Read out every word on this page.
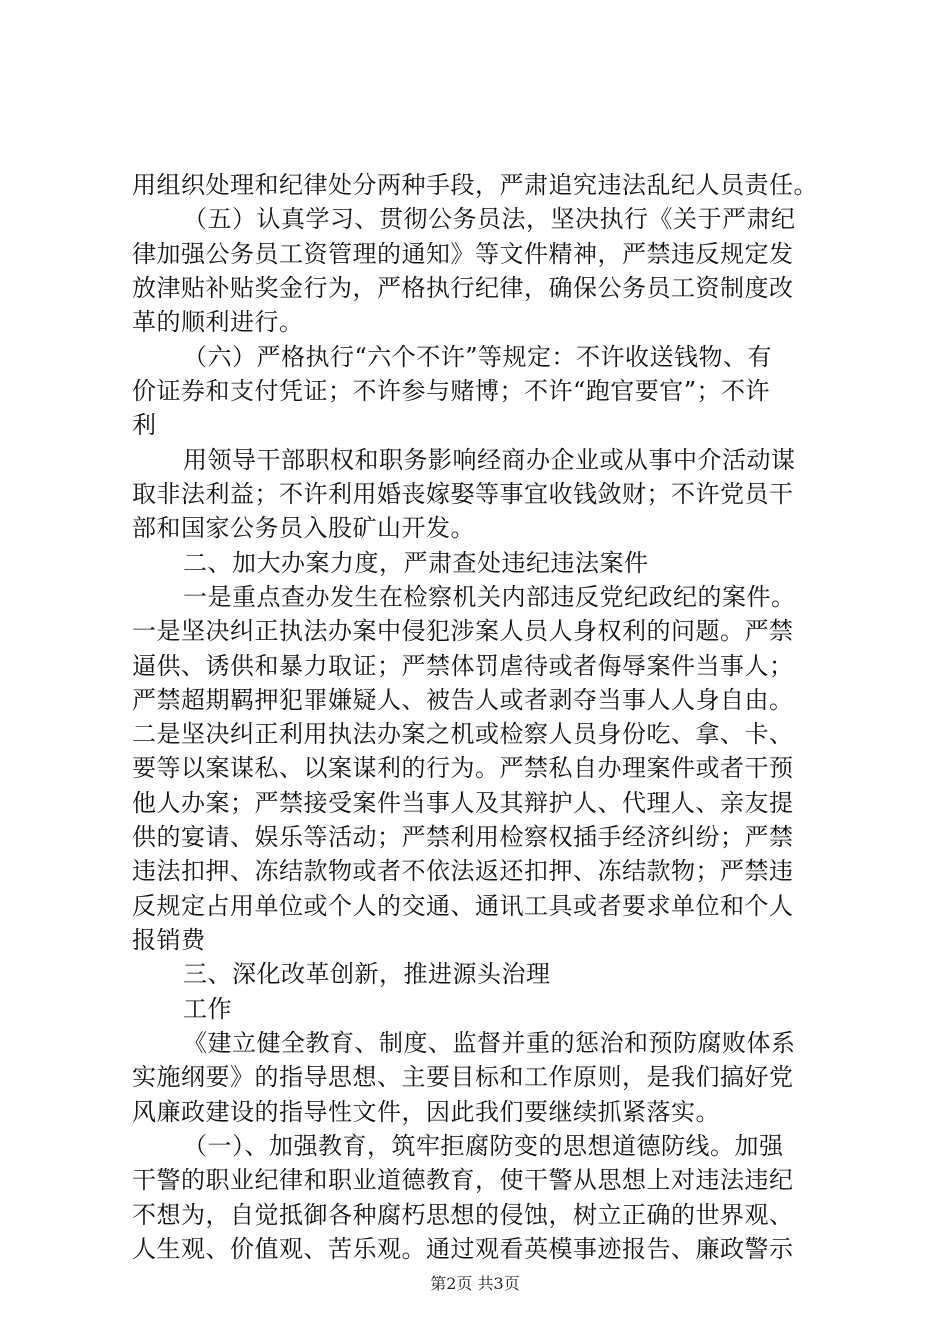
用组织处理和纪律处分两种手段，严肃追究违法乱纪人员责任。
（五）认真学习、贯彻公务员法，坚决执行《关于严肃纪
律加强公务员工资管理的通知》等文件精神，严禁违反规定发
放津贴补贴奖金行为，严格执行纪律，确保公务员工资制度改
革的顺利进行。
（六）严格执行“六个不许”等规定：不许收送钱物、有
价证券和支付凭证；不许参与赌博；不许“跑官要官”；不许
利
用领导干部职权和职务影响经商办企业或从事中介活动谋
取非法利益；不许利用婚丧嫁娶等事宜收钱敛财；不许党员干
部和国家公务员入股矿山开发。
二、加大办案力度，严肃查处违纪违法案件
一是重点查办发生在检察机关内部违反党纪政纪的案件。
一是坚决纠正执法办案中侵犯涉案人员人身权利的问题。严禁
逼供、诱供和暴力取证；严禁体罚虐待或者侮辱案件当事人；
严禁超期羁押犯罪嫌疑人、被告人或者剥夺当事人人身自由。
二是坚决纠正利用执法办案之机或检察人员身份吃、拿、卡、
要等以案谋私、以案谋利的行为。严禁私自办理案件或者干预
他人办案；严禁接受案件当事人及其辩护人、代理人、亲友提
供的宴请、娱乐等活动；严禁利用检察权插手经济纠纷；严禁
违法扣押、冻结款物或者不依法返还扣押、冻结款物；严禁违
反规定占用单位或个人的交通、通讯工具或者要求单位和个人
报销费
三、深化改革创新，推进源头治理
工作
《建立健全教育、制度、监督并重的惩治和预防腐败体系
实施纲要》的指导思想、主要目标和工作原则，是我们搞好党
风廉政建设的指导性文件，因此我们要继续抓紧落实。
（一）、加强教育，筑牢拒腐防变的思想道德防线。加强
干警的职业纪律和职业道德教育，使干警从思想上对违法违纪
不想为，自觉抵御各种腐朽思想的侵蚀，树立正确的世界观、
人生观、价值观、苦乐观。通过观看英模事迹报告、廉政警示
第2页 共3页
